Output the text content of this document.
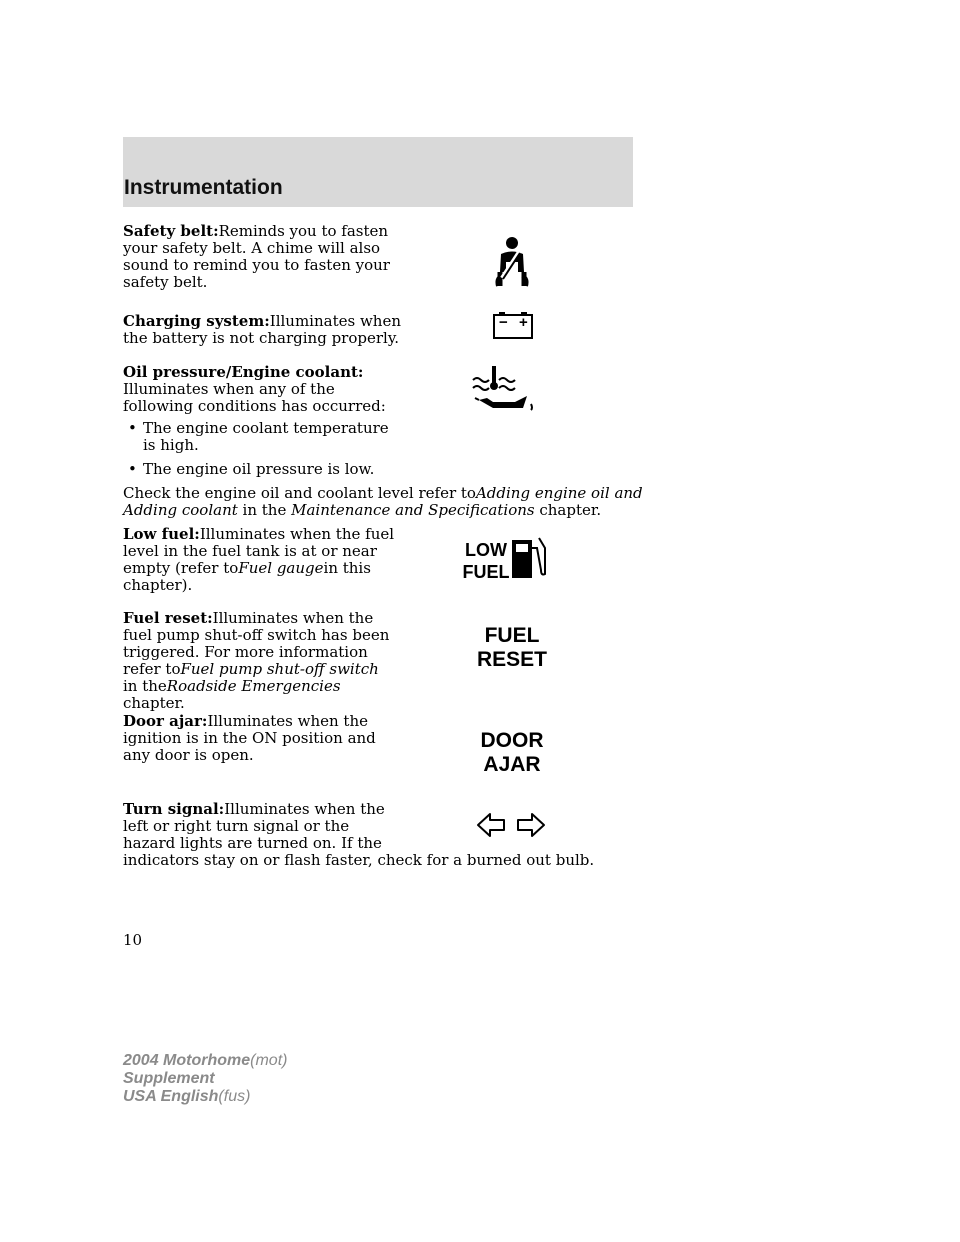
Instrumentation
Safety belt:Reminds you to fasten
your safety belt. A chime will also
sound to remind you to fasten your
safety belt.
Charging system:Illuminates when
the battery is not charging properly.
− +
Oil pressure/Engine coolant:
Illuminates when any of the
following conditions has occurred:
• The engine coolant temperature
is high.
• The engine oil pressure is low.
Check the engine oil and coolant level refer toAdding engine oil and
Adding coolant in the Maintenance and Specifications chapter.
Low fuel:Illuminates when the fuel
level in the fuel tank is at or near
empty (refer toFuel gaugein this
chapter).
LOW
FUEL
Fuel reset:Illuminates when the
fuel pump shut-off switch has been
triggered. For more information
refer toFuel pump shut-off switch
in theRoadside Emergencies
chapter.
FUEL
RESET
Door ajar:Illuminates when the
ignition is in the ON position and
any door is open.
DOOR
AJAR
Turn signal:Illuminates when the
left or right turn signal or the
hazard lights are turned on. If the
indicators stay on or flash faster, check for a burned out bulb.
10
2004 Motorhome(mot)
Supplement
USA English(fus)
